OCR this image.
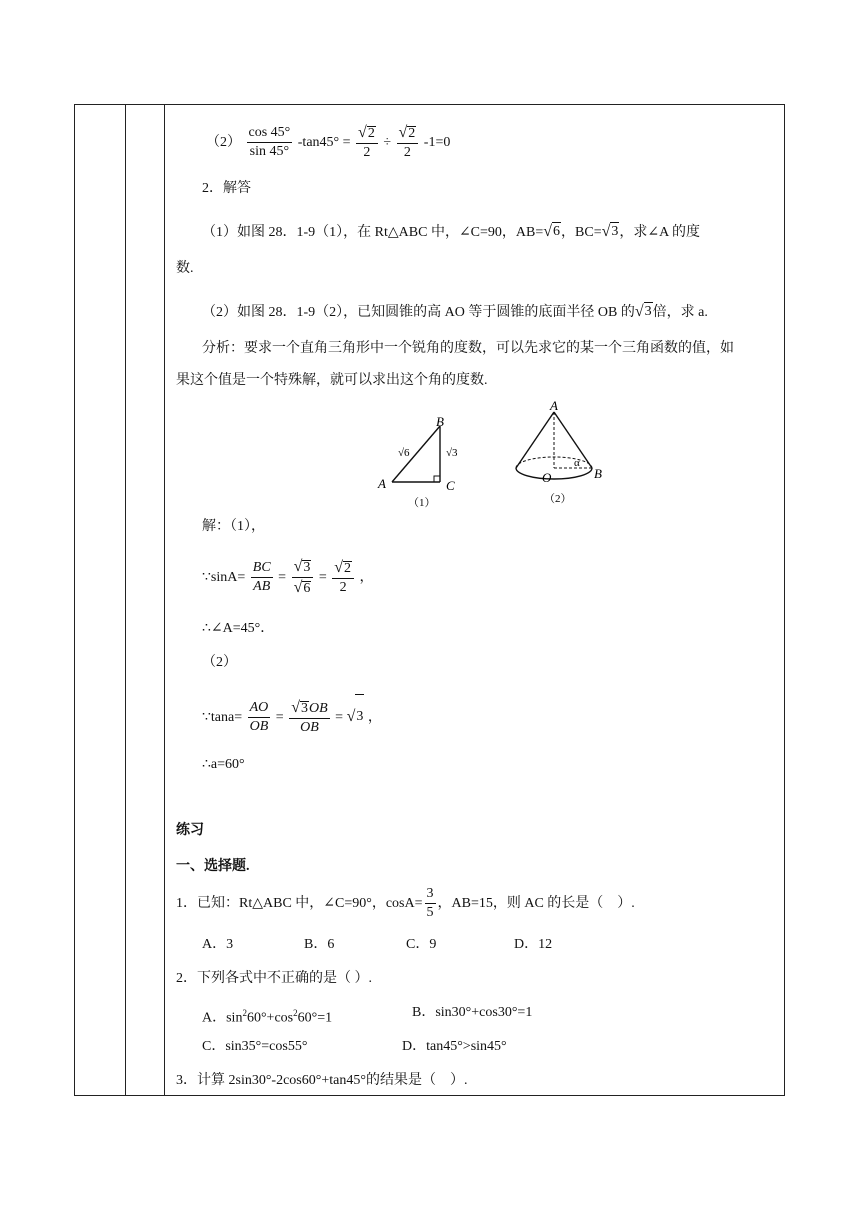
$(2) \frac{\cos 45^\circ}{\sin 45^\circ} -\tan 45^\circ = \frac{√ 2}{2} \div \frac{√ 2}{2} -1=0$
2．解答
（1）如图 28．1-9（1），在 Rt△ABC 中，∠C=90，AB= √ 6 ，BC= √ 3 ，求∠A 的度
数.
（2）如图 28．1-9（2），已知圆锥的高 AO 等于圆锥的底面半径 OB 的 √ 3 倍，求 a.
分析：要求一个直角三角形中一个锐角的度数，可以先求它的某一个三角函数的值，如
果这个值是一个特殊解，就可以求出这个角的度数.
A
B
C
√6	√3
（1）
A
B
O
α
（2）
解：（1），
∵sinA= $\frac{BC}{AB} = \frac{√ 3}{√ 6} = \frac{√ 2}{2}$ ，
∴∠A=45°．
（2）
∵tana= $\frac{AO}{OB} = \frac{√ 3 OB}{OB}$ = √ 3 ，
∴a=60°
练习
一、选择题.
1．已知：Rt△ABC 中，∠C=90°，$\cos A= \frac{3}{5}$ ，AB=15，则 AC 的长是（　）.
A．3	B．6	C．9	D．12
2．下列各式中不正确的是（ ）.
A．$\sin^260^\circ+\cos^260^\circ=1$	B．sin30°+cos30°=1
C．sin35°=cos55°	D．tan45°>sin45°
3．计算 2sin30°-2cos60°+tan45°的结果是（　）.
